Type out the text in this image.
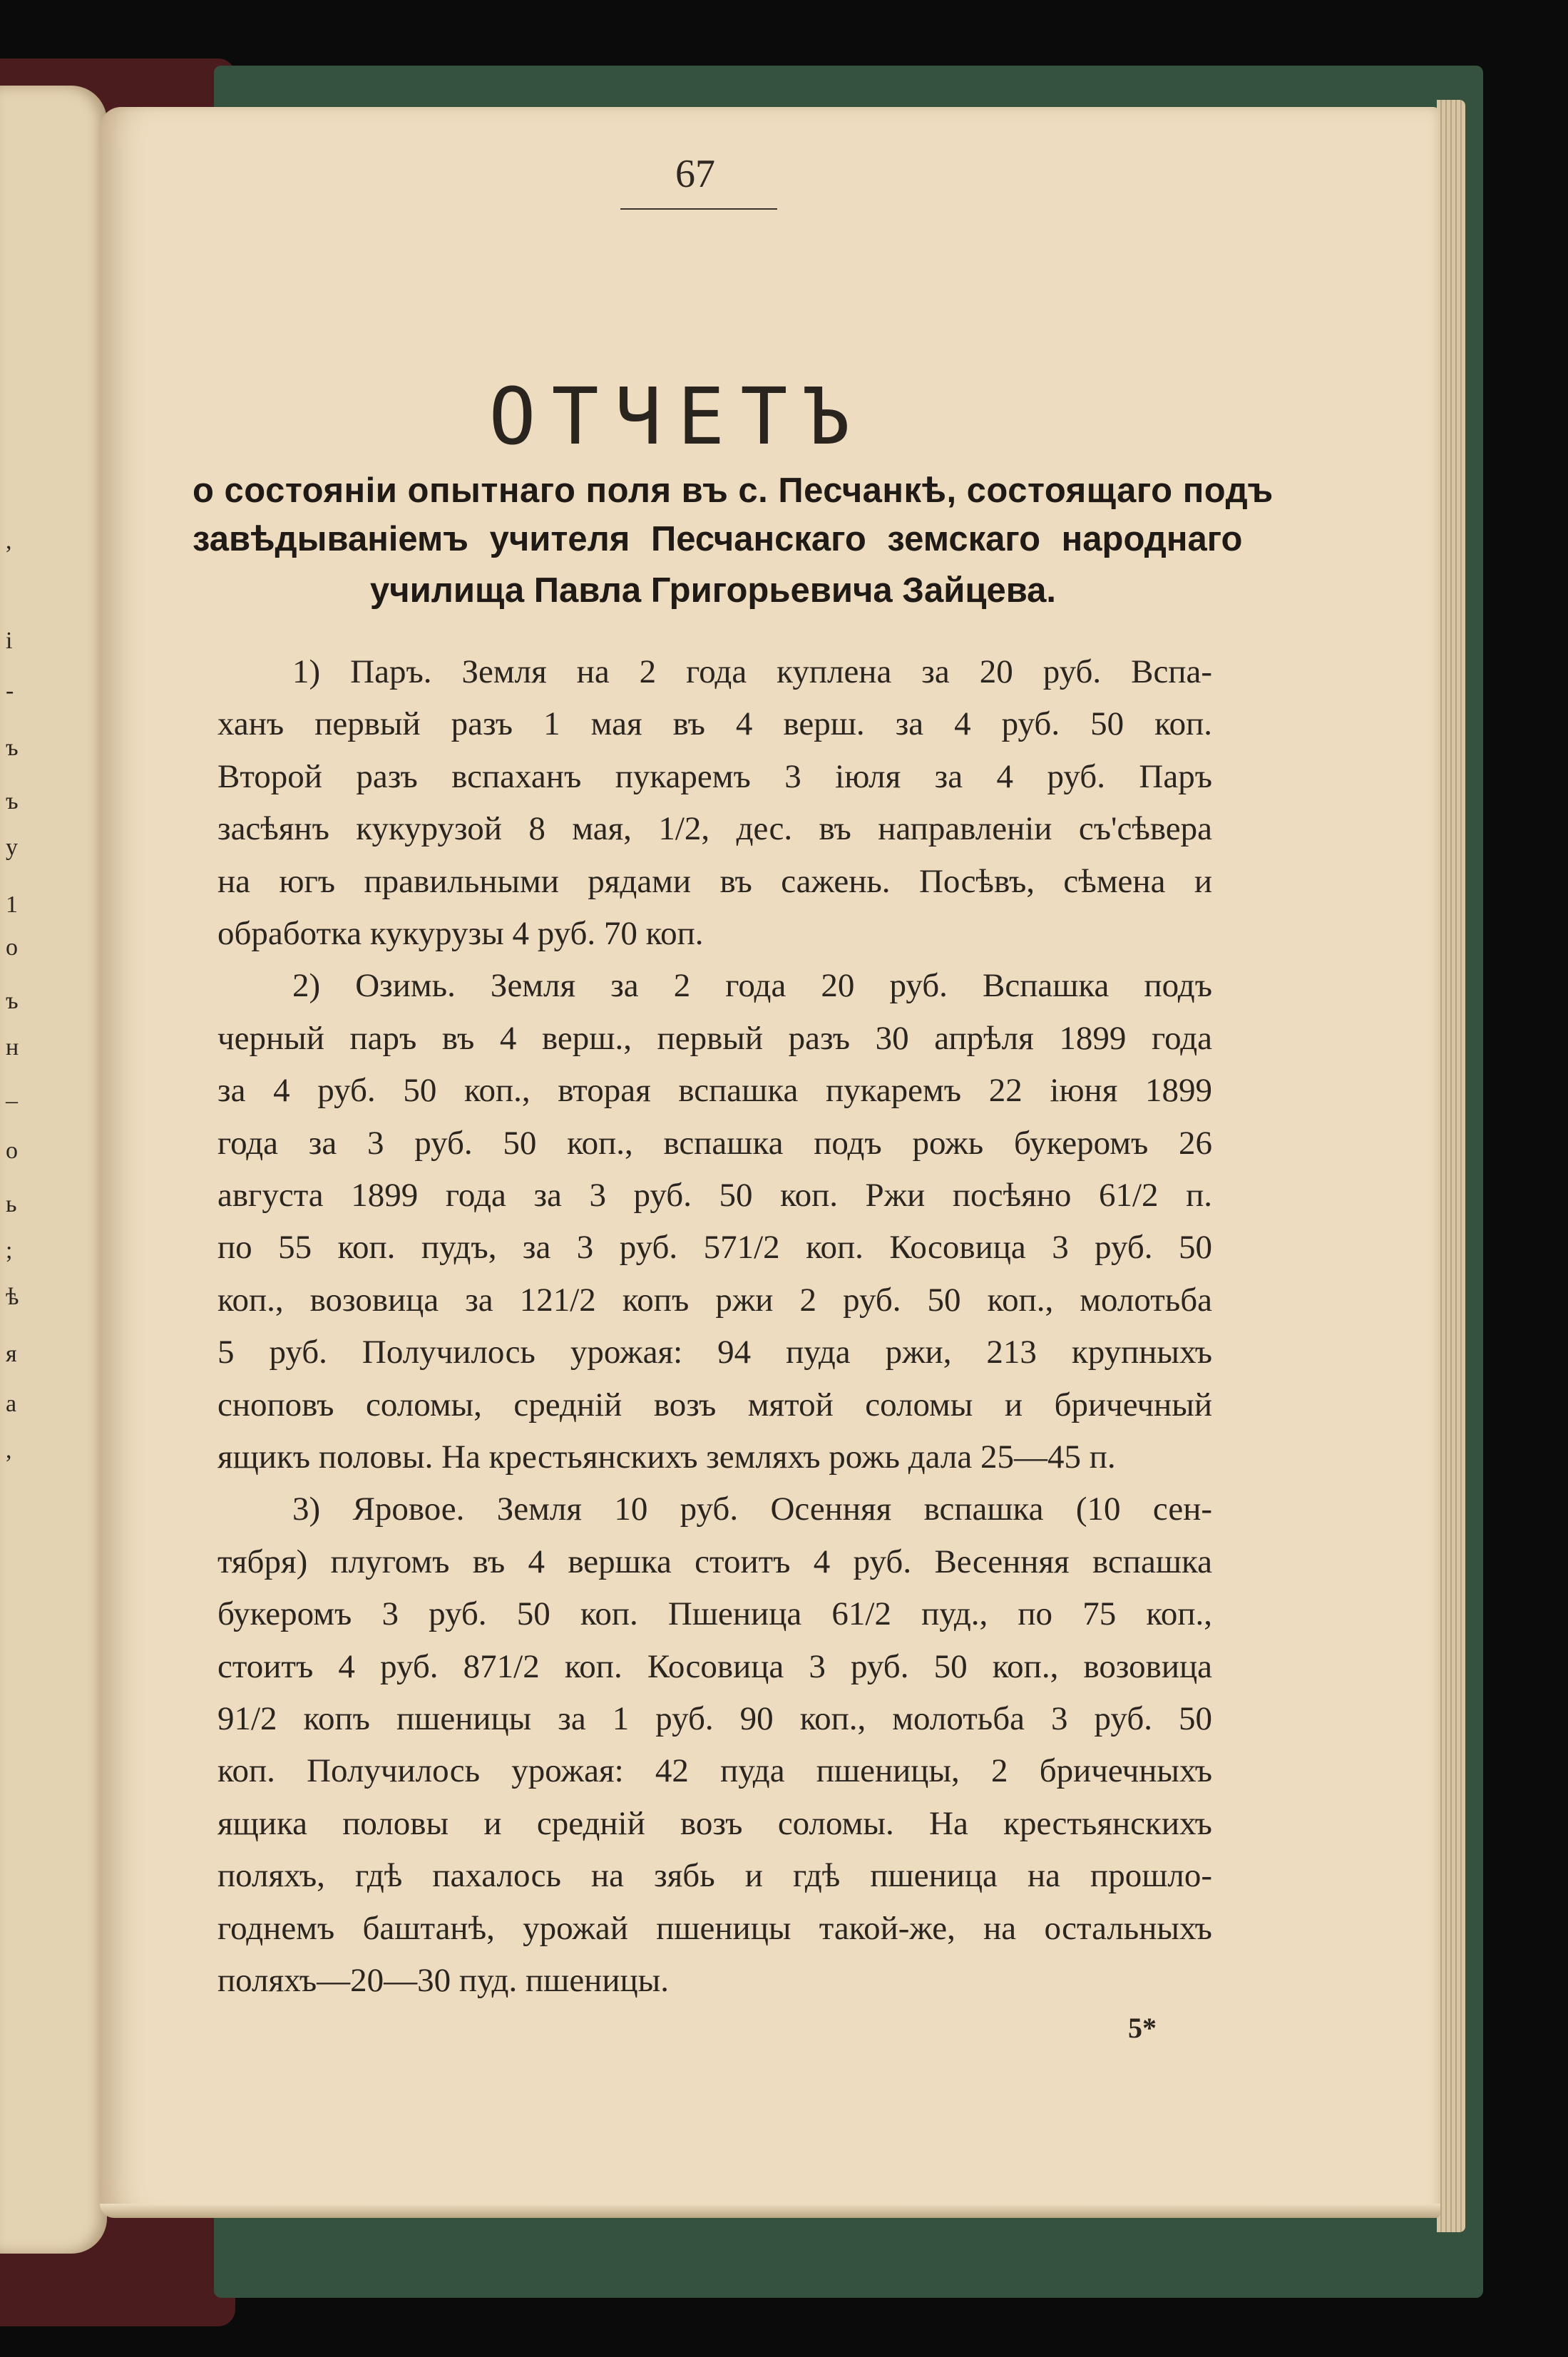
,
i
-
ъ
ъ
у
1
о
ъ
н
–
о
ь
;
ѣ
я
а
,
67
ОТЧЕТЪ
о состоянiи опытнаго поля въ с. Песчанкѣ, состоящаго подъ
завѣдыванiемъ учителя Песчанскаго земскаго народнаго
училища Павла Григорьевича Зайцева.
1) Паръ. Земля на 2 года куплена за 20 руб. Вспа-
ханъ первый разъ 1 мая въ 4 верш. за 4 руб. 50 коп.
Второй разъ вспаханъ пукаремъ 3 iюля за 4 руб. Паръ
засѣянъ кукурузой 8 мая, 1/2, дес. въ направленiи съ'сѣвера
на югъ правильными рядами въ сажень. Посѣвъ, сѣмена и
обработка кукурузы 4 руб. 70 коп.
2) Озимь. Земля за 2 года 20 руб. Вспашка подъ
черный паръ въ 4 верш., первый разъ 30 апрѣля 1899 года
за 4 руб. 50 коп., вторая вспашка пукаремъ 22 iюня 1899
года за 3 руб. 50 коп., вспашка подъ рожь букеромъ 26
августа 1899 года за 3 руб. 50 коп. Ржи посѣяно 61/2 п.
по 55 коп. пудъ, за 3 руб. 571/2 коп. Косовица 3 руб. 50
коп., возовица за 121/2 копъ ржи 2 руб. 50 коп., молотьба
5 руб. Получилось урожая: 94 пуда ржи, 213 крупныхъ
сноповъ соломы, среднiй возъ мятой соломы и бричечный
ящикъ половы. На крестьянскихъ земляхъ рожь дала 25—45 п.
3) Яровое. Земля 10 руб. Осенняя вспашка (10 сен-
тября) плугомъ въ 4 вершка стоитъ 4 руб. Весенняя вспашка
букеромъ 3 руб. 50 коп. Пшеница 61/2 пуд., по 75 коп.,
стоитъ 4 руб. 871/2 коп. Косовица 3 руб. 50 коп., возовица
91/2 копъ пшеницы за 1 руб. 90 коп., молотьба 3 руб. 50
коп. Получилось урожая: 42 пуда пшеницы, 2 бричечныхъ
ящика половы и среднiй возъ соломы. На крестьянскихъ
поляхъ, гдѣ пахалось на зябь и гдѣ пшеница на прошло-
годнемъ баштанѣ, урожай пшеницы такой-же, на остальныхъ
поляхъ—20—30 пуд. пшеницы.
5*
